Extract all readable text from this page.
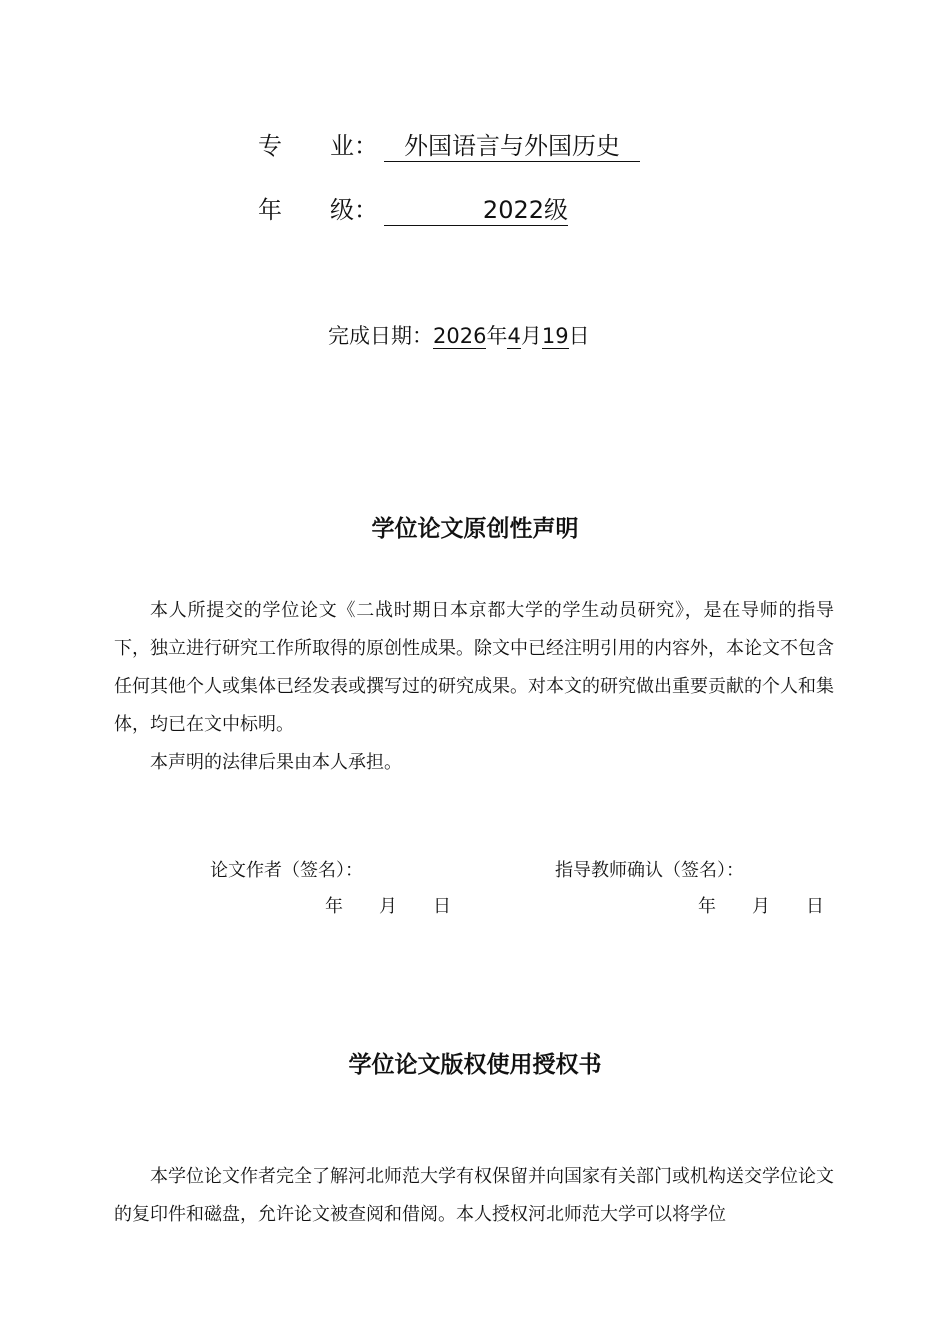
专　　业：	外国语言与外国历史
年　　级：	2022级
完成日期：2026年4月19日
学位论文原创性声明
本人所提交的学位论文《二战时期日本京都大学的学生动员研究》，是在导师的指导下，独立进行研究工作所取得的原创性成果。除文中已经注明引用的内容外，本论文不包含任何其他个人或集体已经发表或撰写过的研究成果。对本文的研究做出重要贡献的个人和集体，均已在文中标明。
本声明的法律后果由本人承担。
论文作者（签名）：	指导教师确认（签名）：
年　　月　　日	年　　月　　日
学位论文版权使用授权书
本学位论文作者完全了解河北师范大学有权保留并向国家有关部门或机构送交学位论文的复印件和磁盘，允许论文被查阅和借阅。本人授权河北师范大学可以将学位
